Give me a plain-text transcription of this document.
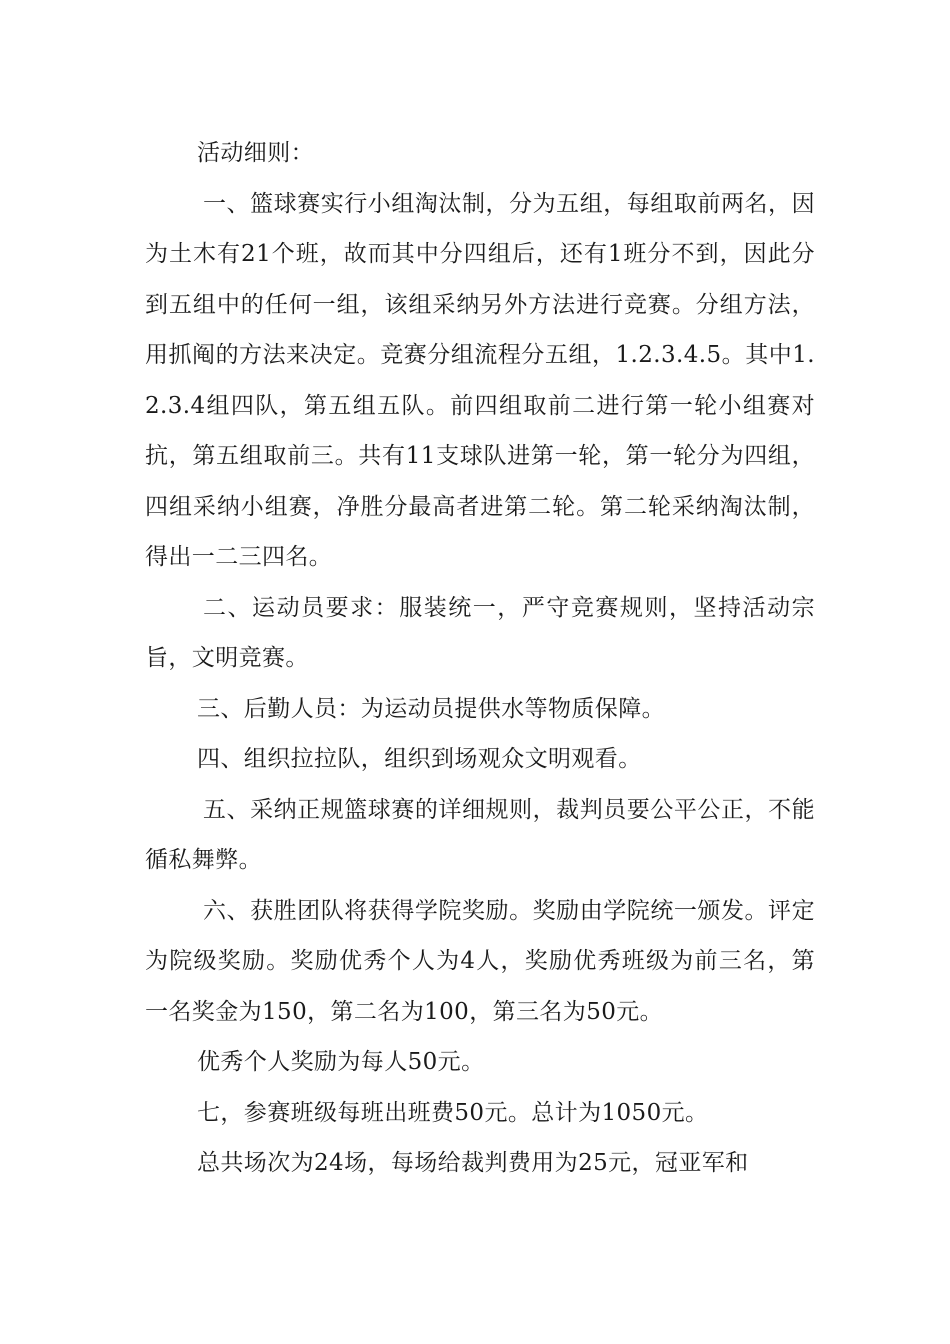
活动细则：

一、篮球赛实行小组淘汰制，分为五组，每组取前两名，因为土木有21个班，故而其中分四组后，还有1班分不到，因此分到五组中的任何一组，该组采纳另外方法进行竞赛。分组方法，用抓阄的方法来决定。竞赛分组流程分五组，1.2.3.4.5。其中1.2.3.4组四队，第五组五队。前四组取前二进行第一轮小组赛对抗，第五组取前三。共有11支球队进第一轮，第一轮分为四组，四组采纳小组赛，净胜分最高者进第二轮。第二轮采纳淘汰制，得出一二三四名。

二、运动员要求：服装统一，严守竞赛规则，坚持活动宗旨，文明竞赛。

三、后勤人员：为运动员提供水等物质保障。

四、组织拉拉队，组织到场观众文明观看。

五、采纳正规篮球赛的详细规则，裁判员要公平公正，不能循私舞弊。

六、获胜团队将获得学院奖励。奖励由学院统一颁发。评定为院级奖励。奖励优秀个人为4人，奖励优秀班级为前三名，第一名奖金为150，第二名为100，第三名为50元。

优秀个人奖励为每人50元。

七，参赛班级每班出班费50元。总计为1050元。

总共场次为24场，每场给裁判费用为25元，冠亚军和
